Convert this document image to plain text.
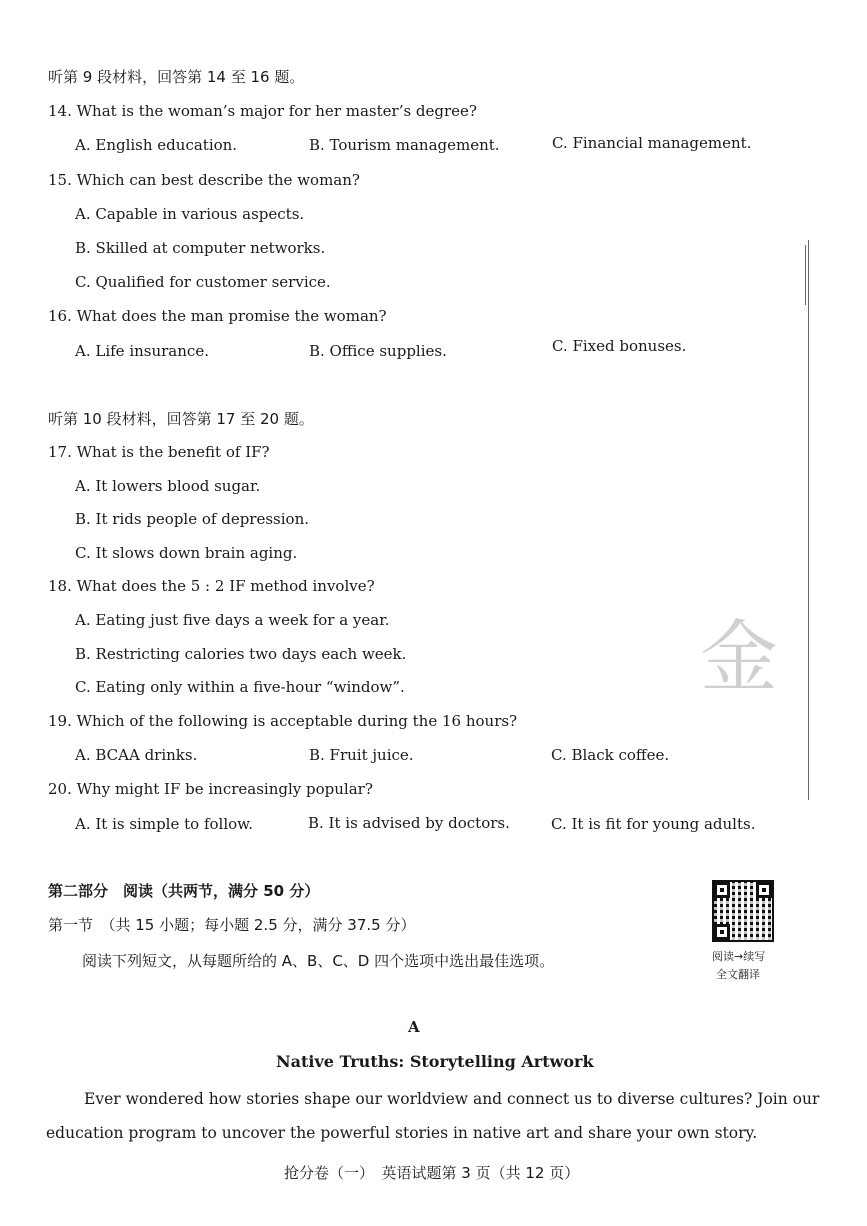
金
听第 9 段材料，回答第 14 至 16 题。
14. What is the woman’s major for her master’s degree?
A. English education.	B. Tourism management.	C. Financial management.
15. Which can best describe the woman?
A. Capable in various aspects.
B. Skilled at computer networks.
C. Qualified for customer service.
16. What does the man promise the woman?
A. Life insurance.	B. Office supplies.	C. Fixed bonuses.
听第 10 段材料，回答第 17 至 20 题。
17. What is the benefit of IF?
A. It lowers blood sugar.
B. It rids people of depression.
C. It slows down brain aging.
18. What does the 5 : 2 IF method involve?
A. Eating just five days a week for a year.
B. Restricting calories two days each week.
C. Eating only within a five-hour “window”.
19. Which of the following is acceptable during the 16 hours?
A. BCAA drinks.	B. Fruit juice.	C. Black coffee.
20. Why might IF be increasingly popular?
A. It is simple to follow.	B. It is advised by doctors.	C. It is fit for young adults.
第二部分　阅读（共两节，满分 50 分）
第一节　（共 15 小题；每小题 2.5 分，满分 37.5 分）
阅读下列短文，从每题所给的 A、B、C、D 四个选项中选出最佳选项。	阅读→续写
全文翻译
A
Native Truths: Storytelling Artwork
Ever wondered how stories shape our worldview and connect us to diverse cultures? Join our
education program to uncover the powerful stories in native art and share your own story.
抢分卷（一）　英语试题第 3 页（共 12 页）
